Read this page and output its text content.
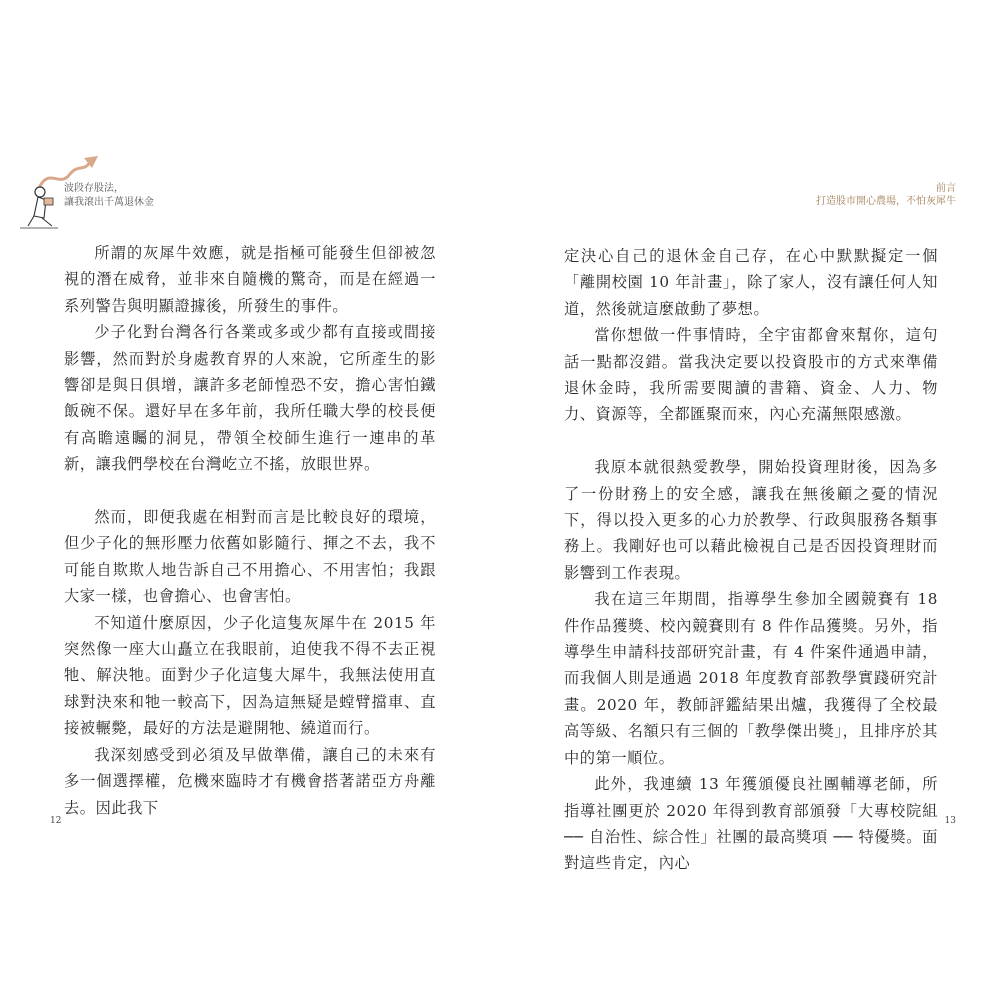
波段存股法，
讓我滾出千萬退休金

所謂的灰犀牛效應，就是指極可能發生但卻被忽視的潛在威脅，並非來自隨機的驚奇，而是在經過一系列警告與明顯證據後，所發生的事件。

少子化對台灣各行各業或多或少都有直接或間接影響，然而對於身處教育界的人來說，它所產生的影響卻是與日俱增，讓許多老師惶恐不安，擔心害怕鐵飯碗不保。還好早在多年前，我所任職大學的校長便有高瞻遠矚的洞見，帶領全校師生進行一連串的革新，讓我們學校在台灣屹立不搖，放眼世界。

然而，即便我處在相對而言是比較良好的環境，但少子化的無形壓力依舊如影隨行、揮之不去，我不可能自欺欺人地告訴自己不用擔心、不用害怕；我跟大家一樣，也會擔心、也會害怕。

不知道什麼原因，少子化這隻灰犀牛在 2015 年突然像一座大山矗立在我眼前，迫使我不得不去正視牠、解決牠。面對少子化這隻大犀牛，我無法使用直球對決來和牠一較高下，因為這無疑是螳臂擋車、直接被輾斃，最好的方法是避開牠、繞道而行。

我深刻感受到必須及早做準備，讓自己的未來有多一個選擇權，危機來臨時才有機會搭著諾亞方舟離去。因此我下

12
前言
打造股市開心農場，不怕灰犀牛

定決心自己的退休金自己存，在心中默默擬定一個「離開校園 10 年計畫」，除了家人，沒有讓任何人知道，然後就這麼啟動了夢想。

當你想做一件事情時，全宇宙都會來幫你，這句話一點都沒錯。當我決定要以投資股市的方式來準備退休金時，我所需要閱讀的書籍、資金、人力、物力、資源等，全都匯聚而來，內心充滿無限感激。

我原本就很熱愛教學，開始投資理財後，因為多了一份財務上的安全感，讓我在無後顧之憂的情況下，得以投入更多的心力於教學、行政與服務各類事務上。我剛好也可以藉此檢視自己是否因投資理財而影響到工作表現。

我在這三年期間，指導學生參加全國競賽有 18 件作品獲獎、校內競賽則有 8 件作品獲獎。另外，指導學生申請科技部研究計畫，有 4 件案件通過申請，而我個人則是通過 2018 年度教育部教學實踐研究計畫。2020 年，教師評鑑結果出爐，我獲得了全校最高等級、名額只有三個的「教學傑出獎」，且排序於其中的第一順位。

此外，我連續 13 年獲頒優良社團輔導老師，所指導社團更於 2020 年得到教育部頒發「大專校院組 ── 自治性、綜合性」社團的最高獎項 ── 特優獎。面對這些肯定，內心

13
